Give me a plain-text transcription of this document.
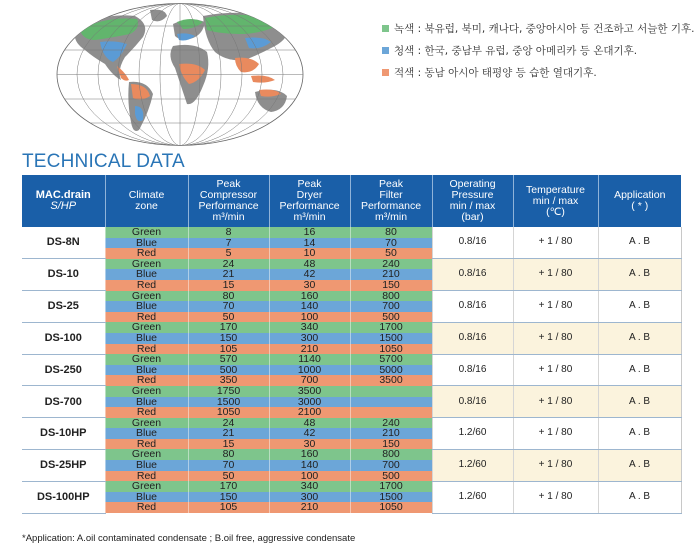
녹색 : 북유럽, 북미, 캐나다, 중앙아시아 등 건조하고 서늘한 기후.
청색 : 한국, 중남부 유럽, 중앙 아메리카 등 온대기후.
적색 : 동남 아시아 태평양 등 습한 열대기후.
TECHNICAL DATA
MAC.drain S/HP	Climate
zone	Peak
Compressor
Performance
m³/min	Peak
Dryer
Performance
m³/min	Peak
Filter
Performance
m³/min	Operating
Pressure
min / max
(bar)	Temperature
min / max
(℃)	Application
( * )
DS-8N	Green	8	16	80	0.8/16	+ 1 / 80	A . B
	Blue	7	14	70			
	Red	5	10	50			
DS-10	Green	24	48	240	0.8/16	+ 1 / 80	A . B
	Blue	21	42	210			
	Red	15	30	150			
DS-25	Green	80	160	800	0.8/16	+ 1 / 80	A . B
	Blue	70	140	700			
	Red	50	100	500			
DS-100	Green	170	340	1700	0.8/16	+ 1 / 80	A . B
	Blue	150	300	1500			
	Red	105	210	1050			
DS-250	Green	570	1140	5700	0.8/16	+ 1 / 80	A . B
	Blue	500	1000	5000			
	Red	350	700	3500			
DS-700	Green	1750	3500		0.8/16	+ 1 / 80	A . B
	Blue	1500	3000				
	Red	1050	2100				
DS-10HP	Green	24	48	240	1.2/60	+ 1 / 80	A . B
	Blue	21	42	210			
	Red	15	30	150			
DS-25HP	Green	80	160	800	1.2/60	+ 1 / 80	A . B
	Blue	70	140	700			
	Red	50	100	500			
DS-100HP	Green	170	340	1700	1.2/60	+ 1 / 80	A . B
	Blue	150	300	1500			
	Red	105	210	1050			
*Application: A.oil contaminated condensate ; B.oil free, aggressive condensate
